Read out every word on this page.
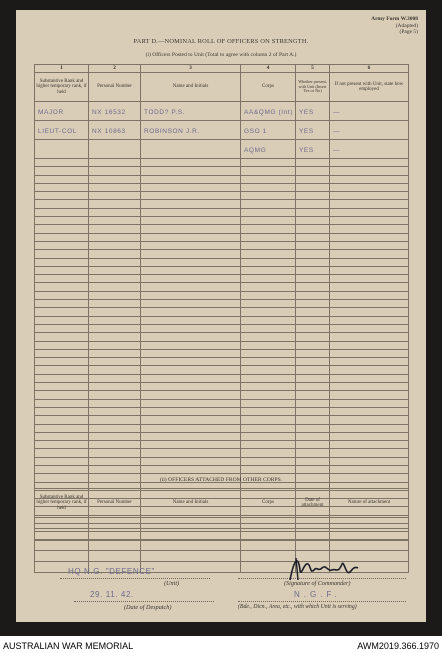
Army Form W.3008
(Adapted)
(Page 5)
PART D.—NOMINAL ROLL OF OFFICERS ON STRENGTH.
(i) Officers Posted to Unit (Total to agree with column 2 of Part A.)
1	2	3	4	5	6
Substantive Rank and higher temporary rank, if held	Personal Number	Name and Initials	Corps	Whether present, with Unit (Insert Yes or No)	If not present with Unit, state how employed
MAJOR	NX 16532	TODD? P.S.	AA&QMG (Int)	YES	—
LIEUT-COL	NX 10863	ROBINSON J.R.	GSO 1	YES	—
			AQMG	YES	—

(ii) OFFICERS ATTACHED FROM OTHER CORPS.
Substantive Rank and higher temporary rank, if held	Personal Number	Name and Initials	Corps	Date of attachment	Nature of attachment

HQ N.G. "DEFENCE"
(Unit)	(Signature of Commander)
29. 11. 42.
(Date of Despatch)
N.G.F.
(Bde., Dicn., Area, etc., with which Unit is serving)
AUSTRALIAN WAR MEMORIAL	AWM2019.366.1970
